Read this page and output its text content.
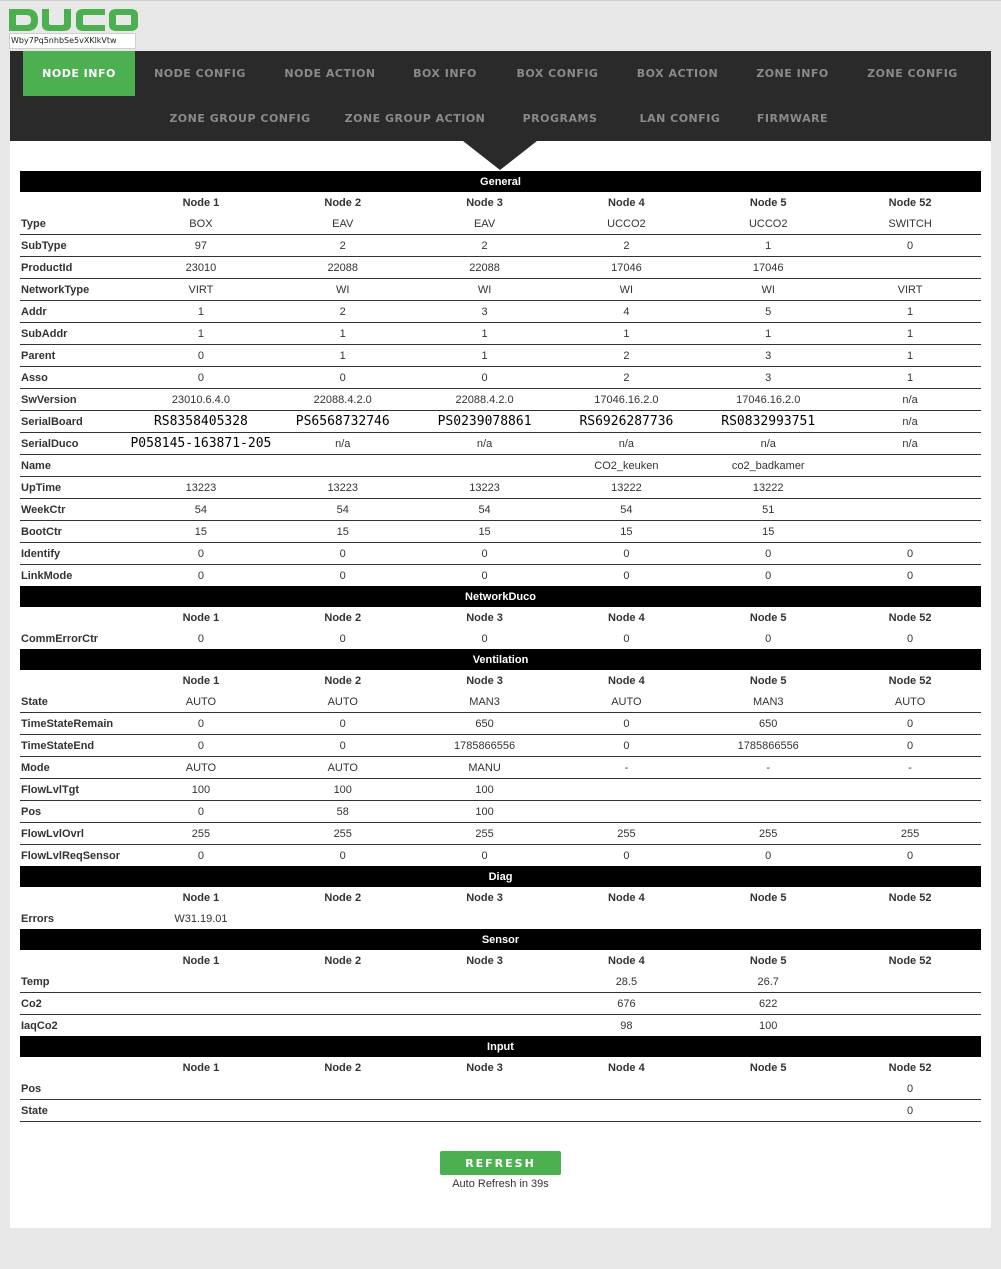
Wby7Pq5nhbSe5vXKlkVtw
NODE INFO	NODE CONFIG	NODE ACTION	BOX INFO	BOX CONFIG	BOX ACTION	ZONE INFO	ZONE CONFIG
ZONE GROUP CONFIG	ZONE GROUP ACTION	PROGRAMS	LAN CONFIG	FIRMWARE
General						
	Node 1	Node 2	Node 3	Node 4	Node 5	Node 52
Type	BOX	EAV	EAV	UCCO2	UCCO2	SWITCH
SubType	97	2	2	2	1	0
ProductId	23010	22088	22088	17046	17046	
NetworkType	VIRT	WI	WI	WI	WI	VIRT
Addr	1	2	3	4	5	1
SubAddr	1	1	1	1	1	1
Parent	0	1	1	2	3	1
Asso	0	0	0	2	3	1
SwVersion	23010.6.4.0	22088.4.2.0	22088.4.2.0	17046.16.2.0	17046.16.2.0	n/a
SerialBoard	RS8358405328	PS6568732746	PS0239078861	RS6926287736	RS0832993751	n/a
SerialDuco	P058145-163871-205	n/a	n/a	n/a	n/a	n/a
Name				CO2_keuken	co2_badkamer	
UpTime	13223	13223	13223	13222	13222	
WeekCtr	54	54	54	54	51	
BootCtr	15	15	15	15	15	
Identify	0	0	0	0	0	0
LinkMode	0	0	0	0	0	0
NetworkDuco						
	Node 1	Node 2	Node 3	Node 4	Node 5	Node 52
CommErrorCtr	0	0	0	0	0	0
Ventilation						
	Node 1	Node 2	Node 3	Node 4	Node 5	Node 52
State	AUTO	AUTO	MAN3	AUTO	MAN3	AUTO
TimeStateRemain	0	0	650	0	650	0
TimeStateEnd	0	0	1785866556	0	1785866556	0
Mode	AUTO	AUTO	MANU	-	-	-
FlowLvlTgt	100	100	100			
Pos	0	58	100			
FlowLvlOvrl	255	255	255	255	255	255
FlowLvlReqSensor	0	0	0	0	0	0
Diag						
	Node 1	Node 2	Node 3	Node 4	Node 5	Node 52
Errors	W31.19.01					
Sensor						
	Node 1	Node 2	Node 3	Node 4	Node 5	Node 52
Temp				28.5	26.7	
Co2				676	622	
IaqCo2				98	100	
Input						
	Node 1	Node 2	Node 3	Node 4	Node 5	Node 52
Pos						0
State						0
REFRESH
Auto Refresh in 39s
